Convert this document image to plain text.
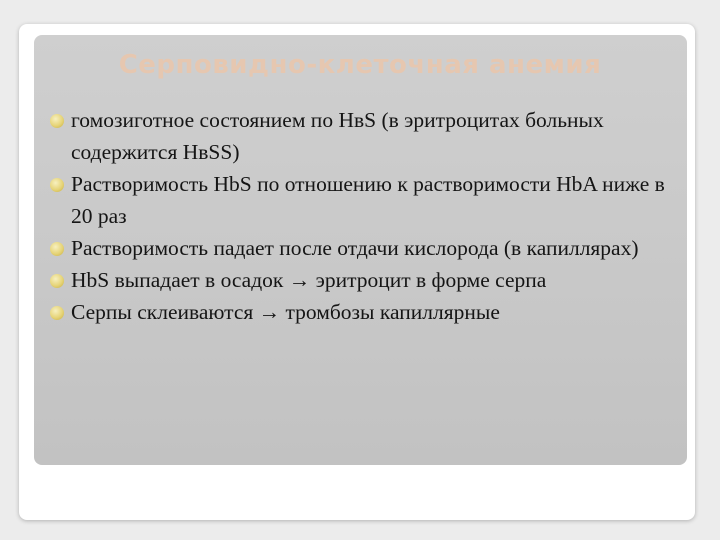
Серповидно-клеточная анемия
гомозиготное состоянием по НвS (в эритроцитах больных содержится НвSS)
Растворимость HbS по отношению к растворимости HbA ниже в 20 раз
Растворимость падает после отдачи кислорода (в капиллярах)
HbS выпадает в осадок → эритроцит в форме серпа
Серпы склеиваются → тромбозы капиллярные
